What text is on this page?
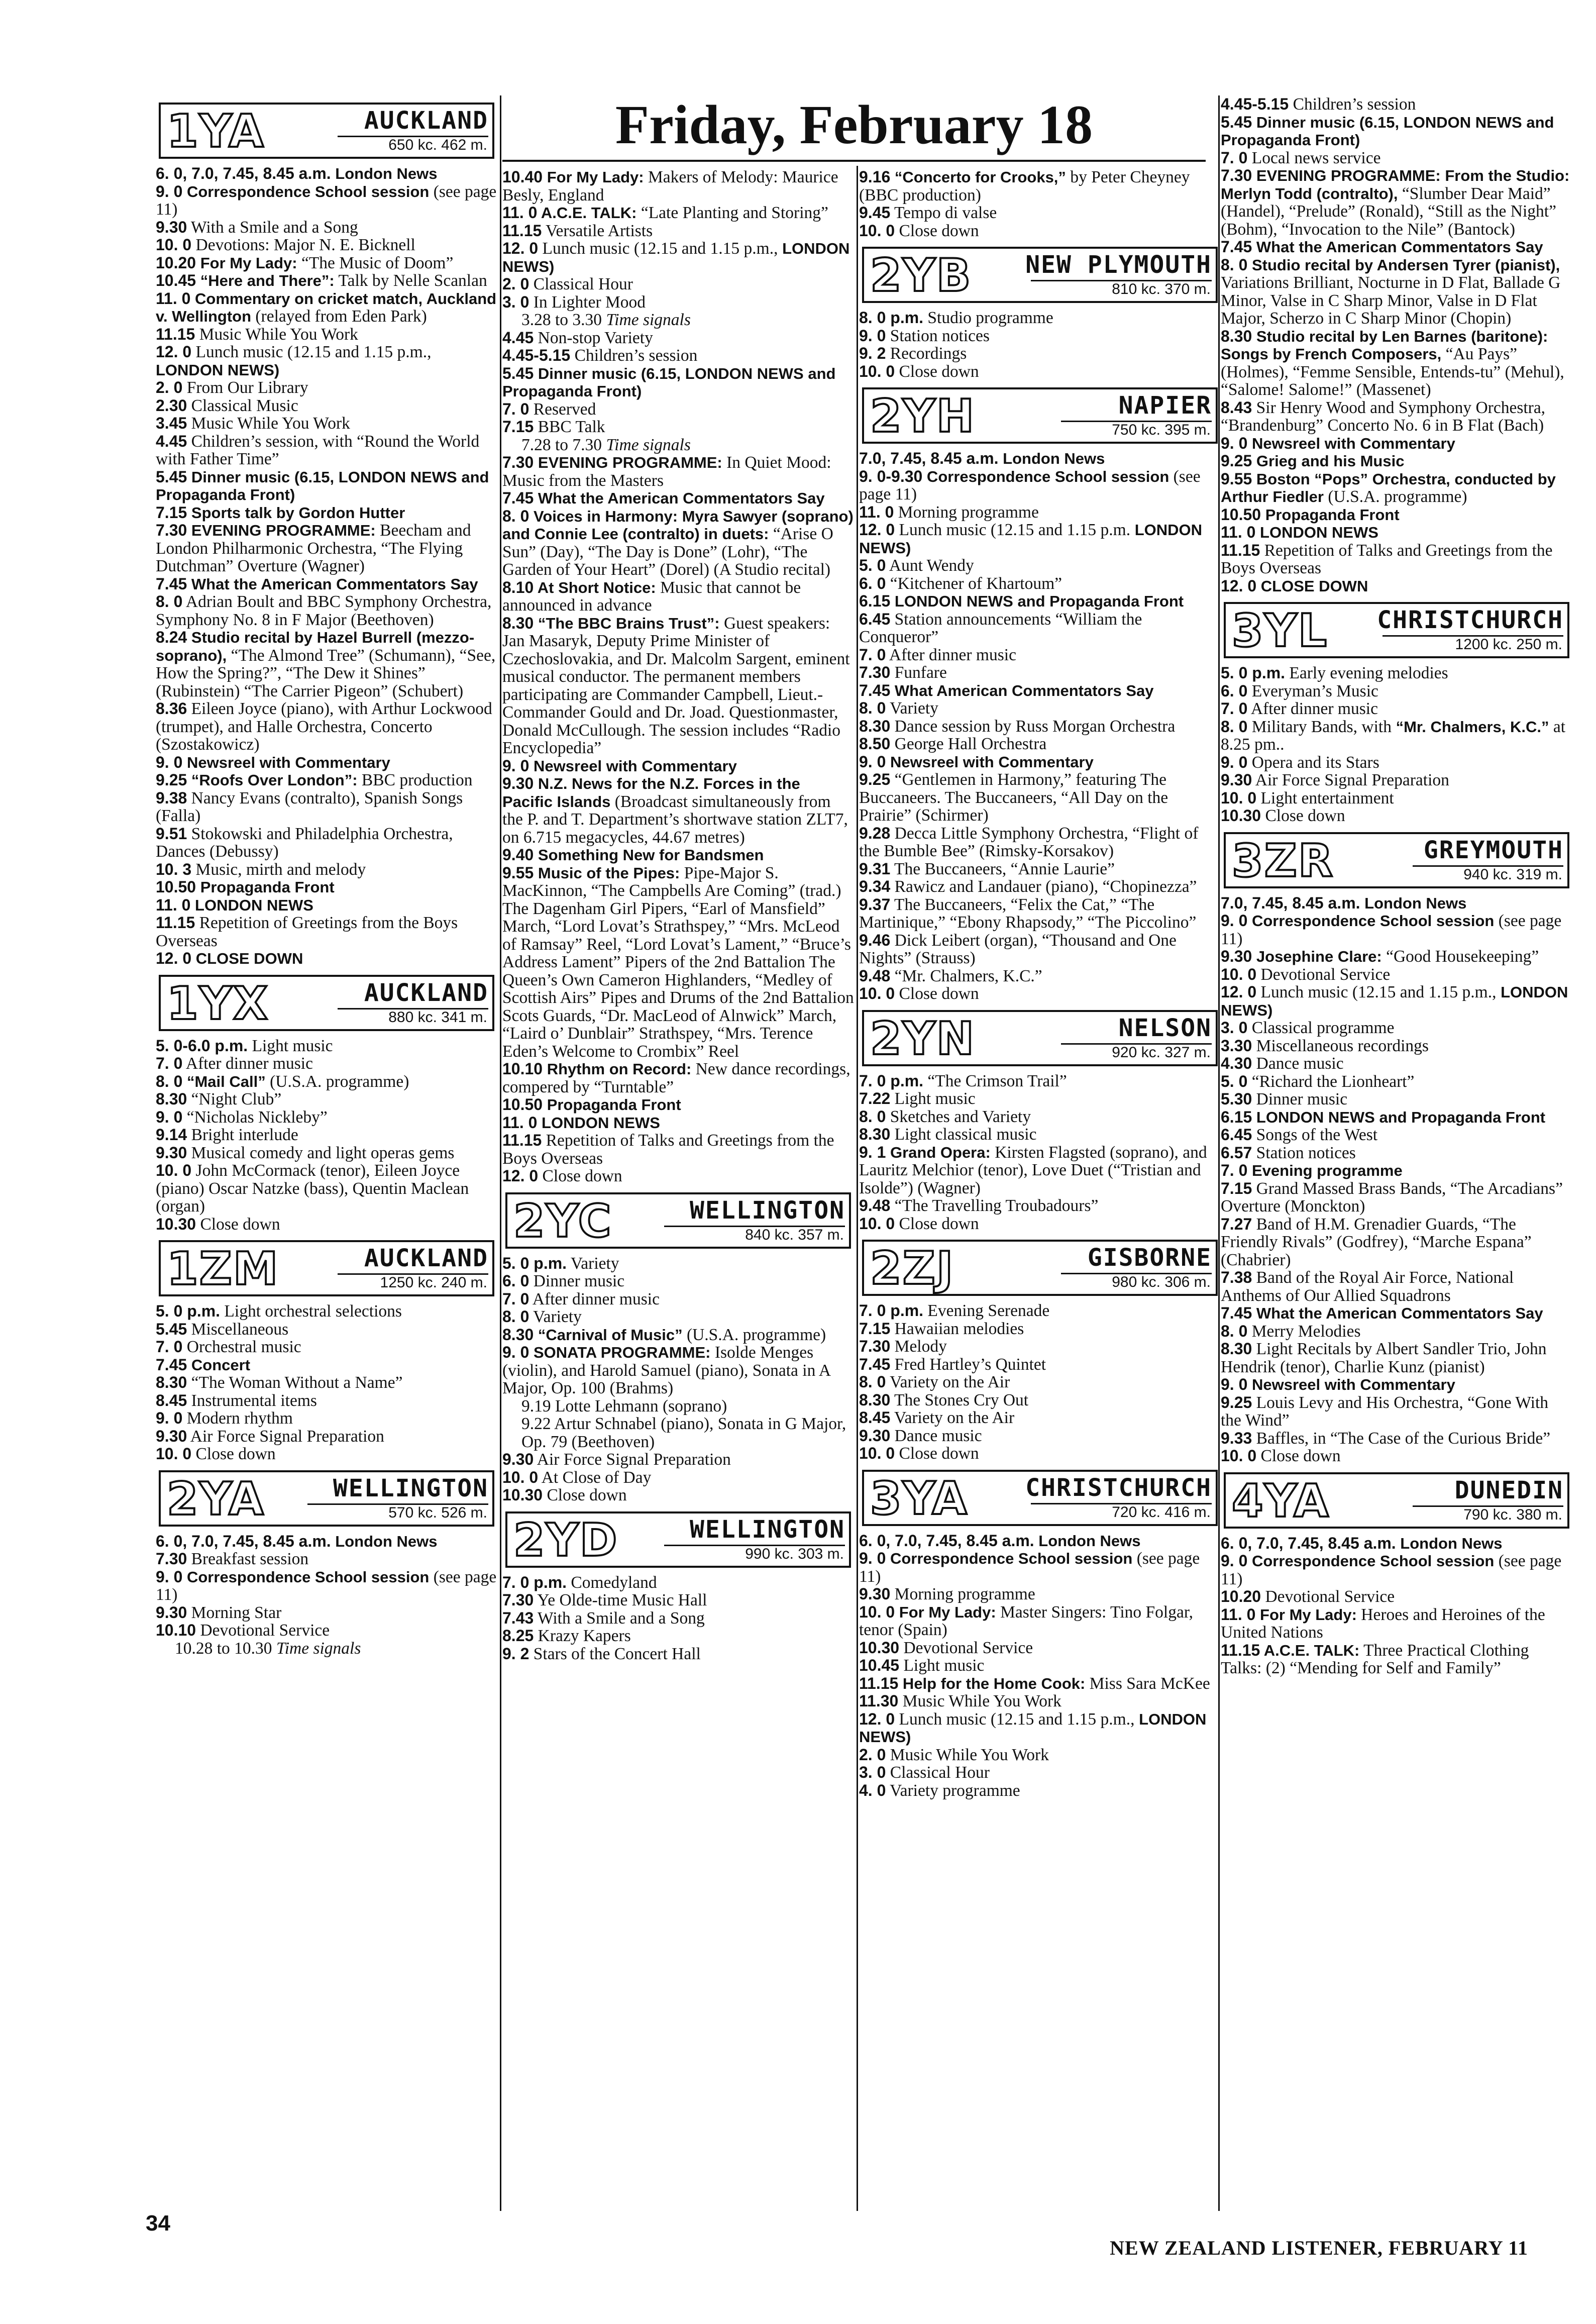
Friday, February 18
1YA	AUCKLAND
650 kc. 462 m.
6. 0, 7.0, 7.45, 8.45 a.m. London News
9. 0 Correspondence School session (see page 11)
9.30 With a Smile and a Song
10. 0 Devotions: Major N. E. Bicknell
10.20 For My Lady: “The Music of Doom”
10.45 “Here and There”: Talk by Nelle Scanlan
11. 0 Commentary on cricket match, Auckland v. Wellington (relayed from Eden Park)
11.15 Music While You Work
12. 0 Lunch music (12.15 and 1.15 p.m., LONDON NEWS)
2. 0 From Our Library
2.30 Classical Music
3.45 Music While You Work
4.45 Children’s session, with “Round the World with Father Time”
5.45 Dinner music (6.15, LONDON NEWS and Propaganda Front)
7.15 Sports talk by Gordon Hutter
7.30 EVENING PROGRAMME: Beecham and London Philharmonic Orchestra, “The Flying Dutchman” Overture (Wagner)
7.45 What the American Commentators Say
8. 0 Adrian Boult and BBC Symphony Orchestra, Symphony No. 8 in F Major (Beethoven)
8.24 Studio recital by Hazel Burrell (mezzo-soprano), “The Almond Tree” (Schumann), “See, How the Spring?”, “The Dew it Shines” (Rubinstein) “The Carrier Pigeon” (Schubert)
8.36 Eileen Joyce (piano), with Arthur Lockwood (trumpet), and Halle Orchestra, Concerto (Szostakowicz)
9. 0 Newsreel with Commentary
9.25 “Roofs Over London”: BBC production
9.38 Nancy Evans (contralto), Spanish Songs (Falla)
9.51 Stokowski and Philadelphia Orchestra, Dances (Debussy)
10. 3 Music, mirth and melody
10.50 Propaganda Front
11. 0 LONDON NEWS
11.15 Repetition of Greetings from the Boys Overseas
12. 0 CLOSE DOWN
1YX	AUCKLAND
880 kc. 341 m.
5. 0-6.0 p.m. Light music
7. 0 After dinner music
8. 0 “Mail Call” (U.S.A. programme)
8.30 “Night Club”
9. 0 “Nicholas Nickleby”
9.14 Bright interlude
9.30 Musical comedy and light operas gems
10. 0 John McCormack (tenor), Eileen Joyce (piano) Oscar Natzke (bass), Quentin Maclean (organ)
10.30 Close down
1ZM	AUCKLAND
1250 kc. 240 m.
5. 0 p.m. Light orchestral selections
5.45 Miscellaneous
7. 0 Orchestral music
7.45 Concert
8.30 “The Woman Without a Name”
8.45 Instrumental items
9. 0 Modern rhythm
9.30 Air Force Signal Preparation
10. 0 Close down
2YA	WELLINGTON
570 kc. 526 m.
6. 0, 7.0, 7.45, 8.45 a.m. London News
7.30 Breakfast session
9. 0 Correspondence School session (see page 11)
9.30 Morning Star
10.10 Devotional Service
10.28 to 10.30 Time signals
10.40 For My Lady: Makers of Melody: Maurice Besly, England
11. 0 A.C.E. TALK: “Late Planting and Storing”
11.15 Versatile Artists
12. 0 Lunch music (12.15 and 1.15 p.m., LONDON NEWS)
2. 0 Classical Hour
3. 0 In Lighter Mood
3.28 to 3.30 Time signals
4.45 Non-stop Variety
4.45-5.15 Children’s session
5.45 Dinner music (6.15, LONDON NEWS and Propaganda Front)
7. 0 Reserved
7.15 BBC Talk
7.28 to 7.30 Time signals
7.30 EVENING PROGRAMME: In Quiet Mood: Music from the Masters
7.45 What the American Commentators Say
8. 0 Voices in Harmony: Myra Sawyer (soprano) and Connie Lee (contralto) in duets: “Arise O Sun” (Day), “The Day is Done” (Lohr), “The Garden of Your Heart” (Dorel) (A Studio recital)
8.10 At Short Notice: Music that cannot be announced in advance
8.30 “The BBC Brains Trust”: Guest speakers: Jan Masaryk, Deputy Prime Minister of Czechoslovakia, and Dr. Malcolm Sargent, eminent musical conductor. The permanent members participating are Commander Campbell, Lieut.-Commander Gould and Dr. Joad. Questionmaster, Donald McCullough. The session includes “Radio Encyclopedia”
9. 0 Newsreel with Commentary
9.30 N.Z. News for the N.Z. Forces in the Pacific Islands (Broadcast simultaneously from the P. and T. Department’s shortwave station ZLT7, on 6.715 megacycles, 44.67 metres)
9.40 Something New for Bandsmen
9.55 Music of the Pipes: Pipe-Major S. MacKinnon, “The Campbells Are Coming” (trad.) The Dagenham Girl Pipers, “Earl of Mansfield” March, “Lord Lovat’s Strathspey,” “Mrs. McLeod of Ramsay” Reel, “Lord Lovat’s Lament,” “Bruce’s Address Lament” Pipers of the 2nd Battalion The Queen’s Own Cameron Highlanders, “Medley of Scottish Airs” Pipes and Drums of the 2nd Battalion Scots Guards, “Dr. MacLeod of Alnwick” March, “Laird o’ Dunblair” Strathspey, “Mrs. Terence Eden’s Welcome to Crombix” Reel
10.10 Rhythm on Record: New dance recordings, compered by “Turntable”
10.50 Propaganda Front
11. 0 LONDON NEWS
11.15 Repetition of Talks and Greetings from the Boys Overseas
12. 0 Close down
2YC	WELLINGTON
840 kc. 357 m.
5. 0 p.m. Variety
6. 0 Dinner music
7. 0 After dinner music
8. 0 Variety
8.30 “Carnival of Music” (U.S.A. programme)
9. 0 SONATA PROGRAMME: Isolde Menges (violin), and Harold Samuel (piano), Sonata in A Major, Op. 100 (Brahms)
9.19 Lotte Lehmann (soprano)
9.22 Artur Schnabel (piano), Sonata in G Major, Op. 79 (Beethoven)
9.30 Air Force Signal Preparation
10. 0 At Close of Day
10.30 Close down
2YD	WELLINGTON
990 kc. 303 m.
7. 0 p.m. Comedyland
7.30 Ye Olde-time Music Hall
7.43 With a Smile and a Song
8.25 Krazy Kapers
9. 2 Stars of the Concert Hall
9.16 “Concerto for Crooks,” by Peter Cheyney (BBC production)
9.45 Tempo di valse
10. 0 Close down
2YB NEW PLYMOUTH
810 kc. 370 m.
8. 0 p.m. Studio programme
9. 0 Station notices
9. 2 Recordings
10. 0 Close down
2YH	NAPIER
750 kc. 395 m.
7.0, 7.45, 8.45 a.m. London News
9. 0-9.30 Correspondence School session (see page 11)
11. 0 Morning programme
12. 0 Lunch music (12.15 and 1.15 p.m. LONDON NEWS)
5. 0 Aunt Wendy
6. 0 “Kitchener of Khartoum”
6.15 LONDON NEWS and Propaganda Front
6.45 Station announcements “William the Conqueror”
7. 0 After dinner music
7.30 Funfare
7.45 What American Commentators Say
8. 0 Variety
8.30 Dance session by Russ Morgan Orchestra
8.50 George Hall Orchestra
9. 0 Newsreel with Commentary
9.25 “Gentlemen in Harmony,” featuring The Buccaneers. The Buccaneers, “All Day on the Prairie” (Schirmer)
9.28 Decca Little Symphony Orchestra, “Flight of the Bumble Bee” (Rimsky-Korsakov)
9.31 The Buccaneers, “Annie Laurie”
9.34 Rawicz and Landauer (piano), “Chopinezza”
9.37 The Buccaneers, “Felix the Cat,” “The Martinique,” “Ebony Rhapsody,” “The Piccolino”
9.46 Dick Leibert (organ), “Thousand and One Nights” (Strauss)
9.48 “Mr. Chalmers, K.C.”
10. 0 Close down
2YN	NELSON
920 kc. 327 m.
7. 0 p.m. “The Crimson Trail”
7.22 Light music
8. 0 Sketches and Variety
8.30 Light classical music
9. 1 Grand Opera: Kirsten Flagsted (soprano), and Lauritz Melchior (tenor), Love Duet (“Tristian and Isolde”) (Wagner)
9.48 “The Travelling Troubadours”
10. 0 Close down
2ZJ	GISBORNE
980 kc. 306 m.
7. 0 p.m. Evening Serenade
7.15 Hawaiian melodies
7.30 Melody
7.45 Fred Hartley’s Quintet
8. 0 Variety on the Air
8.30 The Stones Cry Out
8.45 Variety on the Air
9.30 Dance music
10. 0 Close down
3YA CHRISTCHURCH
720 kc. 416 m.
6. 0, 7.0, 7.45, 8.45 a.m. London News
9. 0 Correspondence School session (see page 11)
9.30 Morning programme
10. 0 For My Lady: Master Singers: Tino Folgar, tenor (Spain)
10.30 Devotional Service
10.45 Light music
11.15 Help for the Home Cook: Miss Sara McKee
11.30 Music While You Work
12. 0 Lunch music (12.15 and 1.15 p.m., LONDON NEWS)
2. 0 Music While You Work
3. 0 Classical Hour
4. 0 Variety programme
4.45-5.15 Children’s session
5.45 Dinner music (6.15, LONDON NEWS and Propaganda Front)
7. 0 Local news service
7.30 EVENING PROGRAMME: From the Studio: Merlyn Todd (contralto), “Slumber Dear Maid” (Handel), “Prelude” (Ronald), “Still as the Night” (Bohm), “Invocation to the Nile” (Bantock)
7.45 What the American Commentators Say
8. 0 Studio recital by Andersen Tyrer (pianist), Variations Brilliant, Nocturne in D Flat, Ballade G Minor, Valse in C Sharp Minor, Valse in D Flat Major, Scherzo in C Sharp Minor (Chopin)
8.30 Studio recital by Len Barnes (baritone): Songs by French Composers, “Au Pays” (Holmes), “Femme Sensible, Entends-tu” (Mehul), “Salome! Salome!” (Massenet)
8.43 Sir Henry Wood and Symphony Orchestra, “Brandenburg” Concerto No. 6 in B Flat (Bach)
9. 0 Newsreel with Commentary
9.25 Grieg and his Music
9.55 Boston “Pops” Orchestra, conducted by Arthur Fiedler (U.S.A. programme)
10.50 Propaganda Front
11. 0 LONDON NEWS
11.15 Repetition of Talks and Greetings from the Boys Overseas
12. 0 CLOSE DOWN
3YL CHRISTCHURCH
1200 kc. 250 m.
5. 0 p.m. Early evening melodies
6. 0 Everyman’s Music
7. 0 After dinner music
8. 0 Military Bands, with “Mr. Chalmers, K.C.” at 8.25 pm..
9. 0 Opera and its Stars
9.30 Air Force Signal Preparation
10. 0 Light entertainment
10.30 Close down
3ZR	GREYMOUTH
940 kc. 319 m.
7.0, 7.45, 8.45 a.m. London News
9. 0 Correspondence School session (see page 11)
9.30 Josephine Clare: “Good Housekeeping”
10. 0 Devotional Service
12. 0 Lunch music (12.15 and 1.15 p.m., LONDON NEWS)
3. 0 Classical programme
3.30 Miscellaneous recordings
4.30 Dance music
5. 0 “Richard the Lionheart”
5.30 Dinner music
6.15 LONDON NEWS and Propaganda Front
6.45 Songs of the West
6.57 Station notices
7. 0 Evening programme
7.15 Grand Massed Brass Bands, “The Arcadians” Overture (Monckton)
7.27 Band of H.M. Grenadier Guards, “The Friendly Rivals” (Godfrey), “Marche Espana” (Chabrier)
7.38 Band of the Royal Air Force, National Anthems of Our Allied Squadrons
7.45 What the American Commentators Say
8. 0 Merry Melodies
8.30 Light Recitals by Albert Sandler Trio, John Hendrik (tenor), Charlie Kunz (pianist)
9. 0 Newsreel with Commentary
9.25 Louis Levy and His Orchestra, “Gone With the Wind”
9.33 Baffles, in “The Case of the Curious Bride”
10. 0 Close down
4YA	DUNEDIN
790 kc. 380 m.
6. 0, 7.0, 7.45, 8.45 a.m. London News
9. 0 Correspondence School session (see page 11)
10.20 Devotional Service
11. 0 For My Lady: Heroes and Heroines of the United Nations
11.15 A.C.E. TALK: Three Practical Clothing Talks: (2) “Mending for Self and Family”
34
NEW ZEALAND LISTENER, FEBRUARY 11
